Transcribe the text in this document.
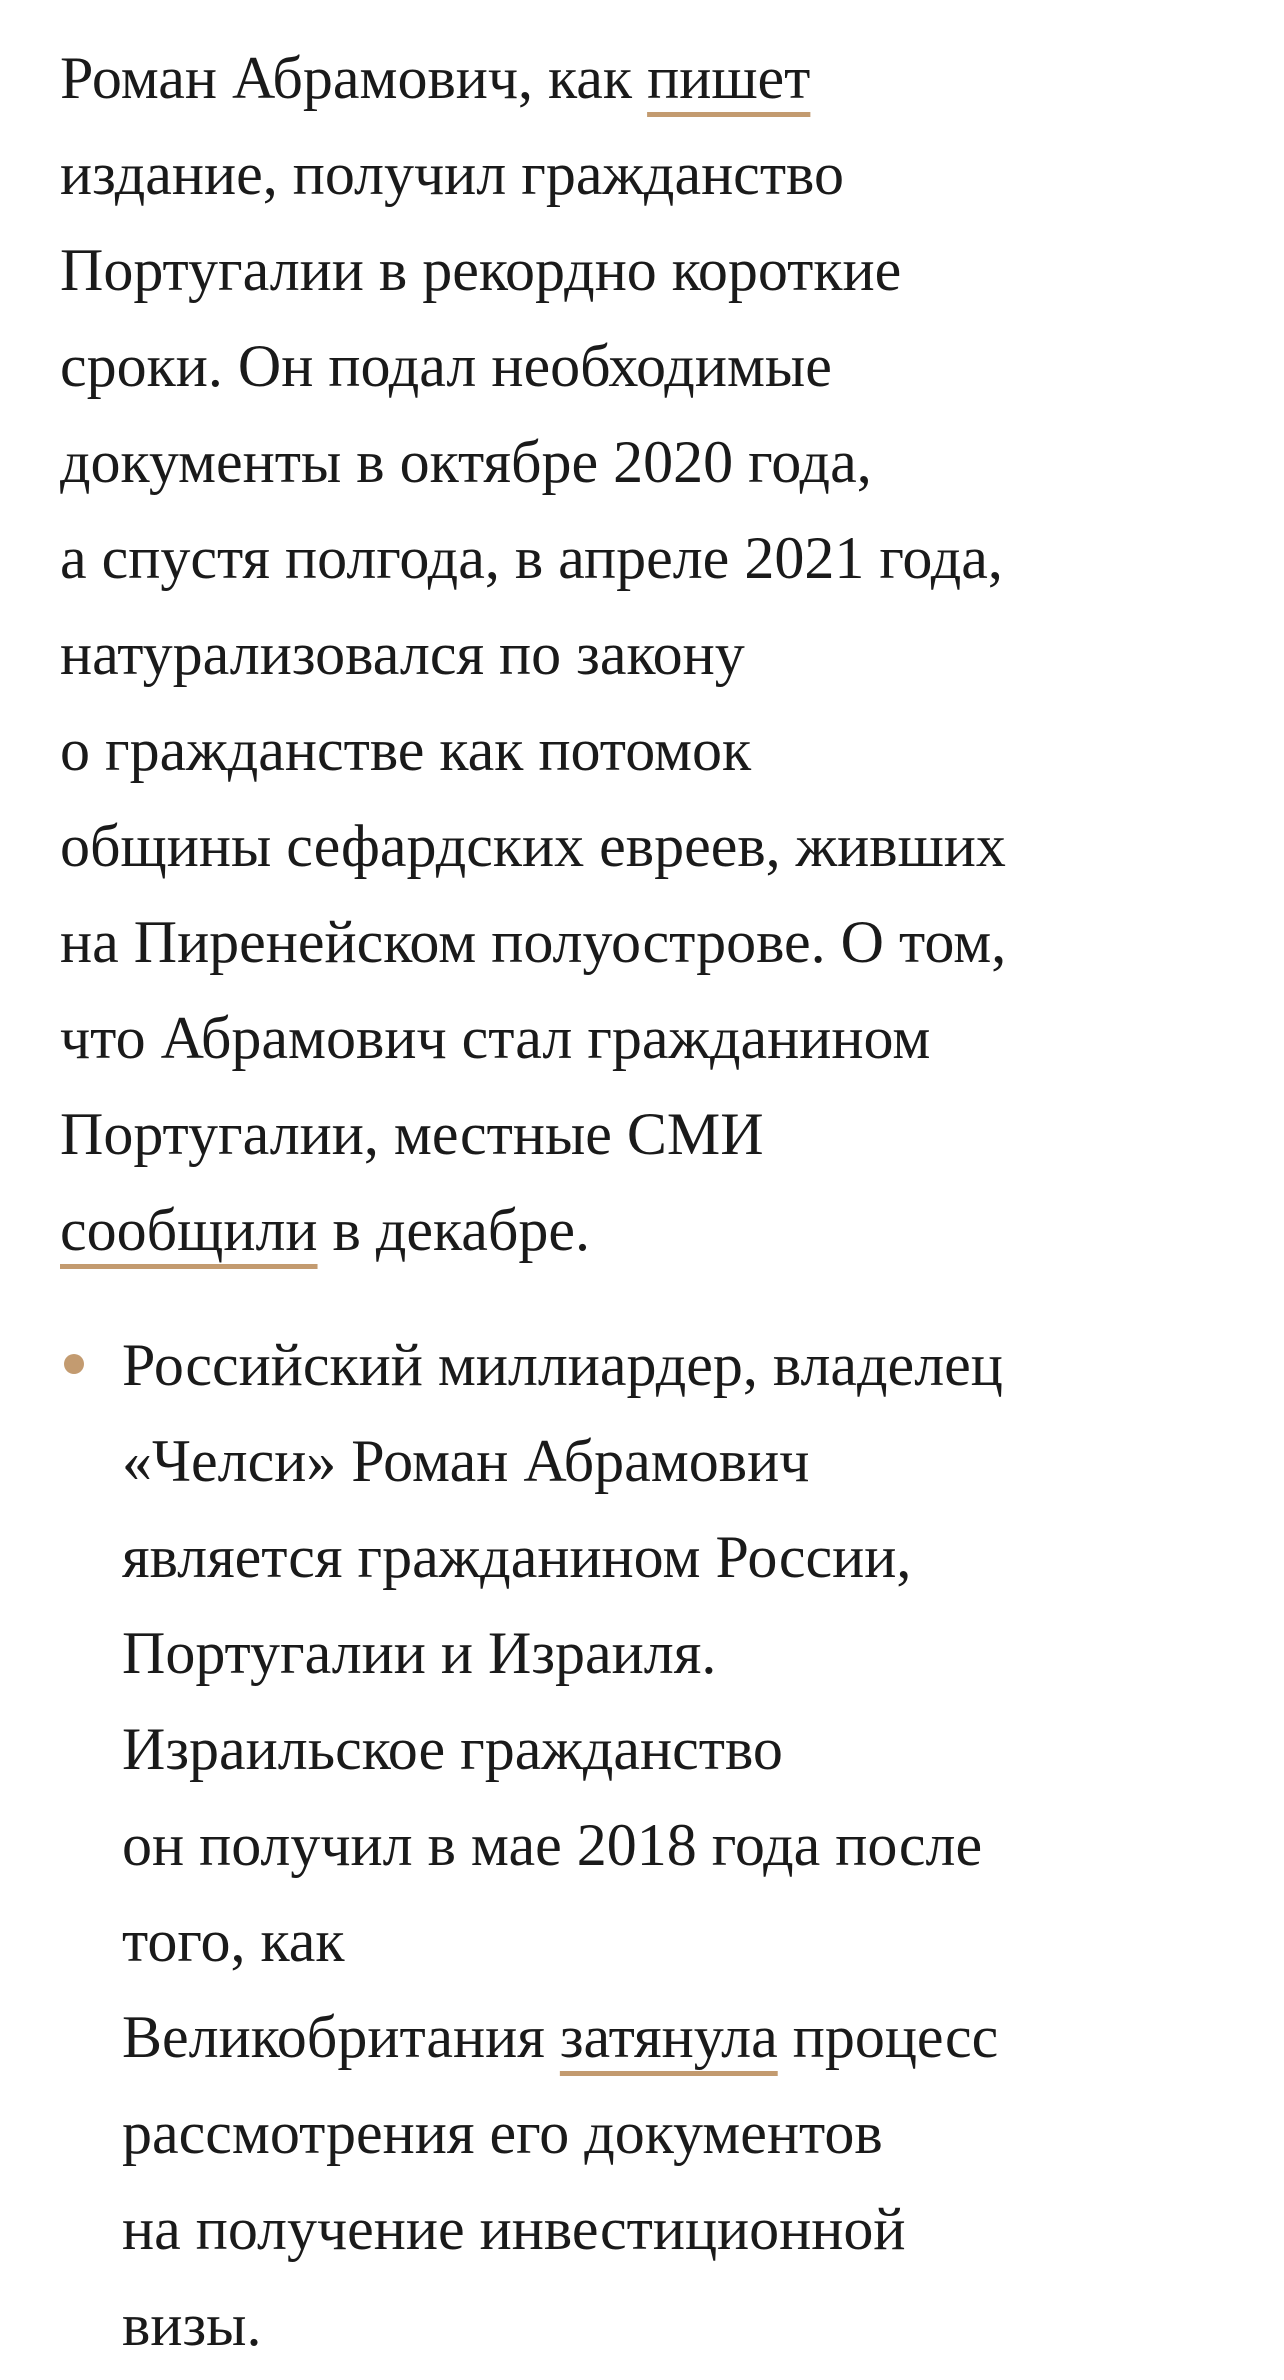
Роман Абрамович, как пишет
издание, получил гражданство
Португалии в рекордно короткие
сроки. Он подал необходимые
документы в октябре 2020 года,
а спустя полгода, в апреле 2021 года,
натурализовался по закону
о гражданстве как потомок
общины сефардских евреев, живших
на Пиренейском полуострове. О том,
что Абрамович стал гражданином
Португалии, местные СМИ
сообщили в декабре.
Российский миллиардер, владелец
«Челси» Роман Абрамович
является гражданином России,
Португалии и Израиля.
Израильское гражданство
он получил в мае 2018 года после
того, как
Великобритания затянула процесс
рассмотрения его документов
на получение инвестиционной
визы.
